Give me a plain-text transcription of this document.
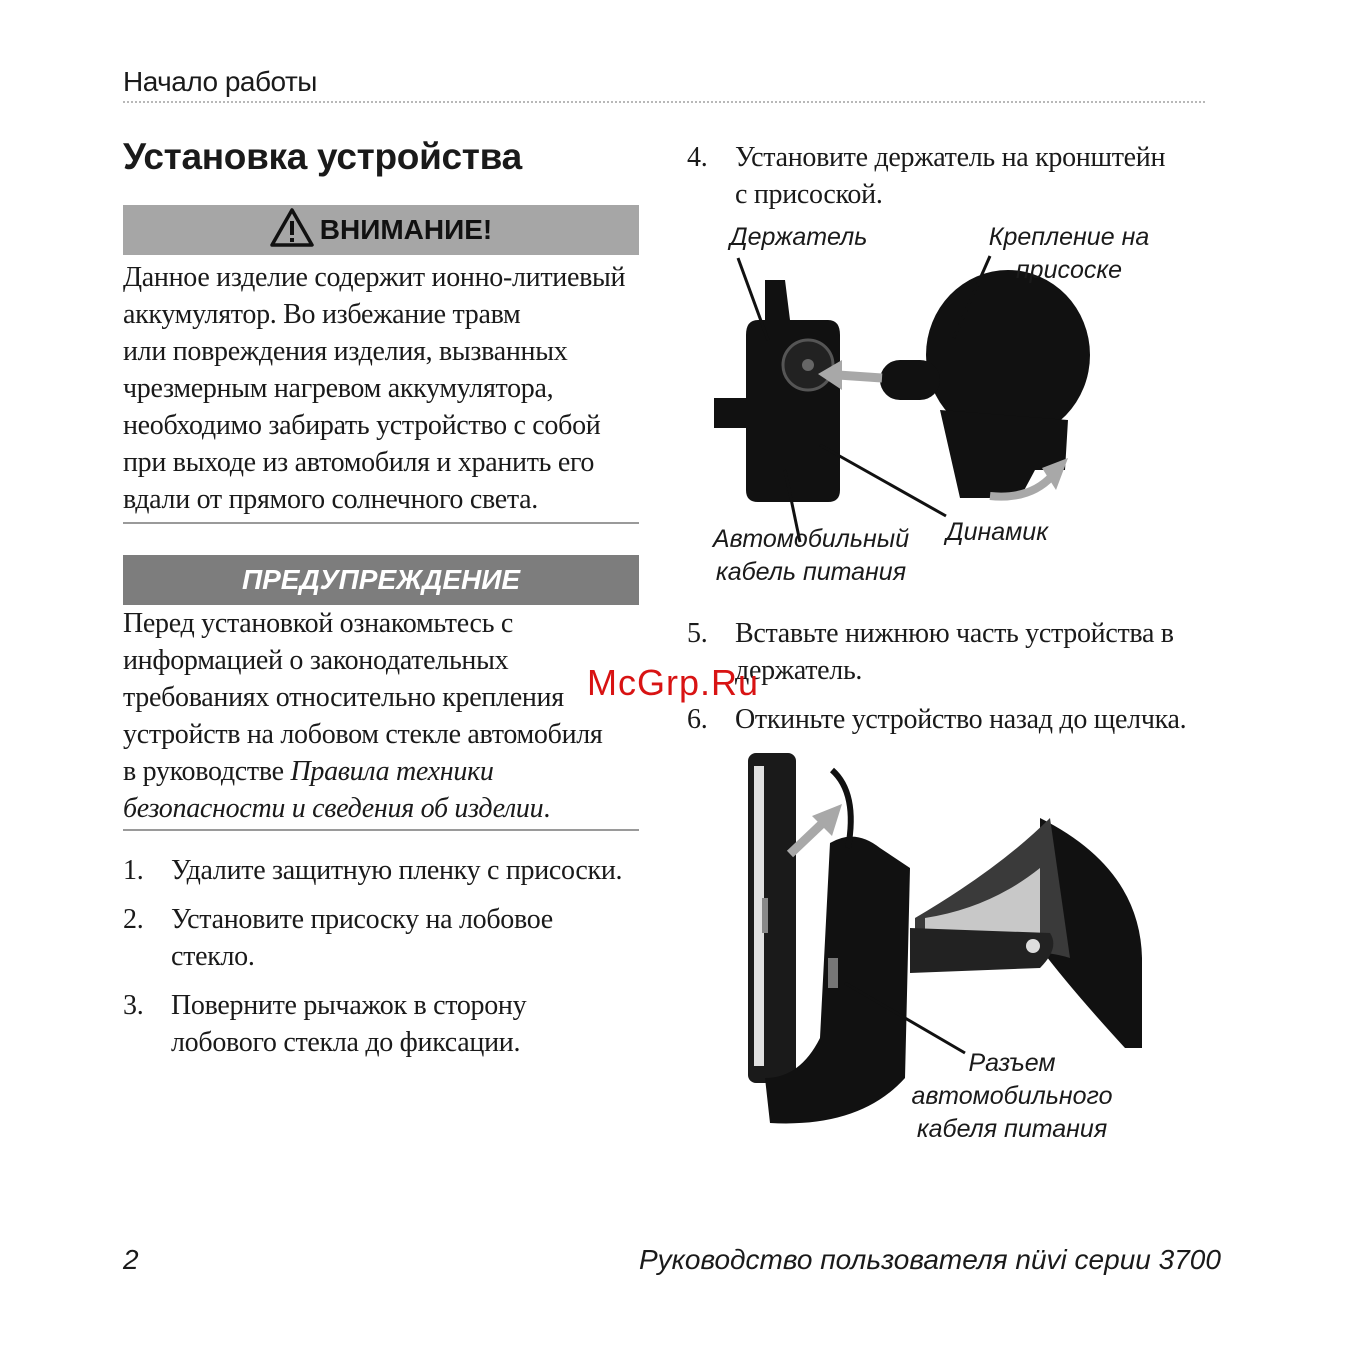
Начало работы
Установка устройства
ВНИМАНИЕ!
Данное изделие содержит ионно-литиевый
аккумулятор. Во избежание травм
или повреждения изделия, вызванных
чрезмерным нагревом аккумулятора,
необходимо забирать устройство с собой
при выходе из автомобиля и хранить его
вдали от прямого солнечного света.
ПРЕДУПРЕЖДЕНИЕ
Перед установкой ознакомьтесь с
информацией о законодательных
требованиях относительно крепления
устройств на лобовом стекле автомобиля
в руководстве Правила техники
безопасности и сведения об изделии.
1. Удалите защитную пленку с присоски.
2. Установите присоску на лобовое
стекло.
3. Поверните рычажок в сторону
лобового стекла до фиксации.
4. Установите держатель на кронштейн
с присоской.
Держатель	Крепление на
присоске
Автомобильный
кабель питания
Динамик
5. Вставьте нижнюю часть устройства в
держатель.
6. Откиньте устройство назад до щелчка.
Разъем
автомобильного
кабеля питания
McGrp.Ru
2	Руководство пользователя nüvi серии 3700
